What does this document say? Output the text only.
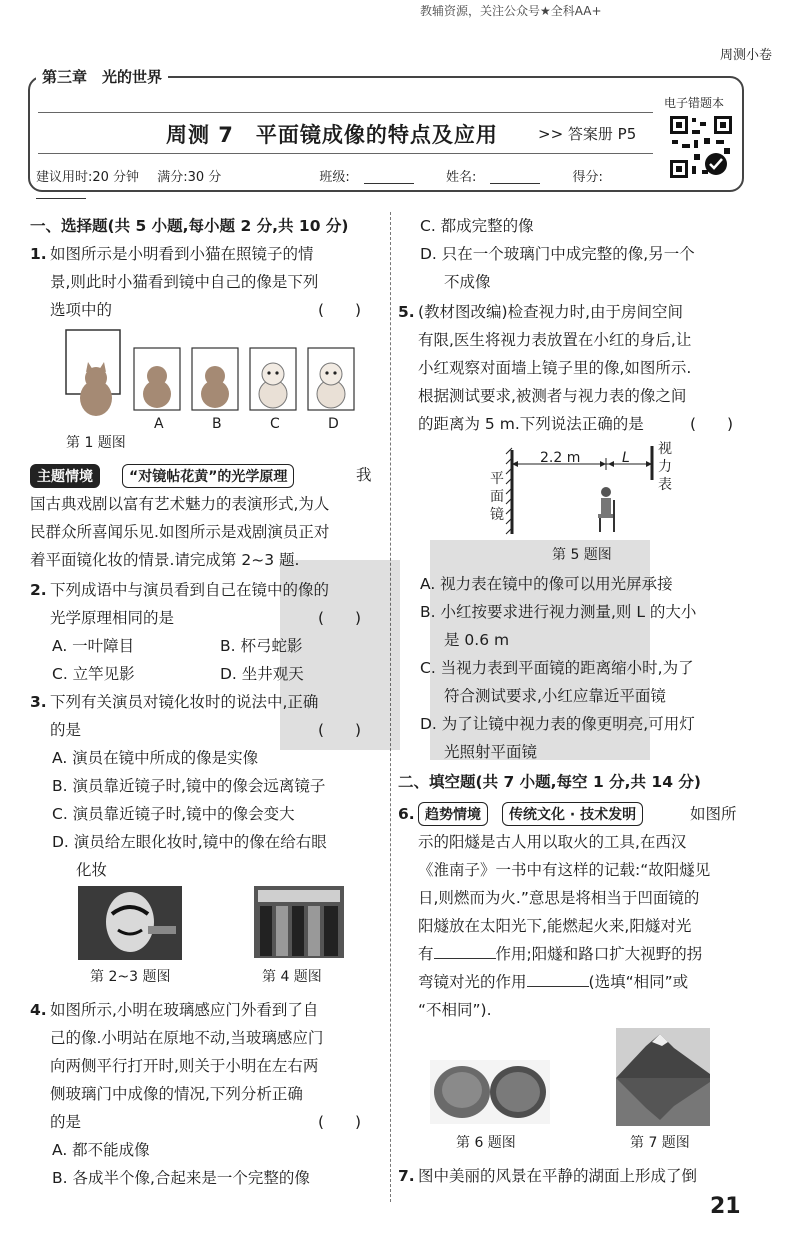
教辅资源，关注公众号★全科AA+
周测小卷
第三章　光的世界
周测 7　平面镜成像的特点及应用	>> 答案册 P5
电子错题本
建议用时:20 分钟 满分:30 分	班级:	姓名:	得分:
一、选择题(共 5 小题,每小题 2 分,共 10 分)
1. 如图所示是小明看到小猫在照镜子的情
景,则此时小猫看到镜中自己的像是下列
选项中的	(　　)
第 1 题图
A	B	C	D
主题情境	“对镜帖花黄”的光学原理	我
国古典戏剧以富有艺术魅力的表演形式,为人
民群众所喜闻乐见.如图所示是戏剧演员正对
着平面镜化妆的情景.请完成第 2~3 题.
2. 下列成语中与演员看到自己在镜中的像的
光学原理相同的是	(　　)
A. 一叶障目	B. 杯弓蛇影
C. 立竿见影	D. 坐井观天
3. 下列有关演员对镜化妆时的说法中,正确
的是	(　　)
A. 演员在镜中所成的像是实像
B. 演员靠近镜子时,镜中的像会远离镜子
C. 演员靠近镜子时,镜中的像会变大
D. 演员给左眼化妆时,镜中的像在给右眼
化妆
第 2~3 题图	第 4 题图
4. 如图所示,小明在玻璃感应门外看到了自
己的像.小明站在原地不动,当玻璃感应门
向两侧平行打开时,则关于小明在左右两
侧玻璃门中成像的情况,下列分析正确
的是	(　　)
A. 都不能成像
B. 各成半个像,合起来是一个完整的像
C. 都成完整的像
D. 只在一个玻璃门中成完整的像,另一个
不成像
5. (教材图改编)检查视力时,由于房间空间
有限,医生将视力表放置在小红的身后,让
小红观察对面墙上镜子里的像,如图所示.
根据测试要求,被测者与视力表的像之间
的距离为 5 m.下列说法正确的是	(　　)
2.2 m	L
平
面
镜
视
力
表
第 5 题图
A. 视力表在镜中的像可以用光屏承接
B. 小红按要求进行视力测量,则 L 的大小
是 0.6 m
C. 当视力表到平面镜的距离缩小时,为了
符合测试要求,小红应靠近平面镜
D. 为了让镜中视力表的像更明亮,可用灯
光照射平面镜
二、填空题(共 7 小题,每空 1 分,共 14 分)
6. 趋势情境	传统文化 · 技术发明	如图所
示的阳燧是古人用以取火的工具,在西汉
《淮南子》一书中有这样的记载:“故阳燧见
日,则燃而为火.”意思是将相当于凹面镜的
阳燧放在太阳光下,能燃起火来,阳燧对光
有	作用;阳燧和路口扩大视野的拐
弯镜对光的作用	(选填“相同”或
“不相同”).
第 6 题图	第 7 题图
7. 图中美丽的风景在平静的湖面上形成了倒
21
